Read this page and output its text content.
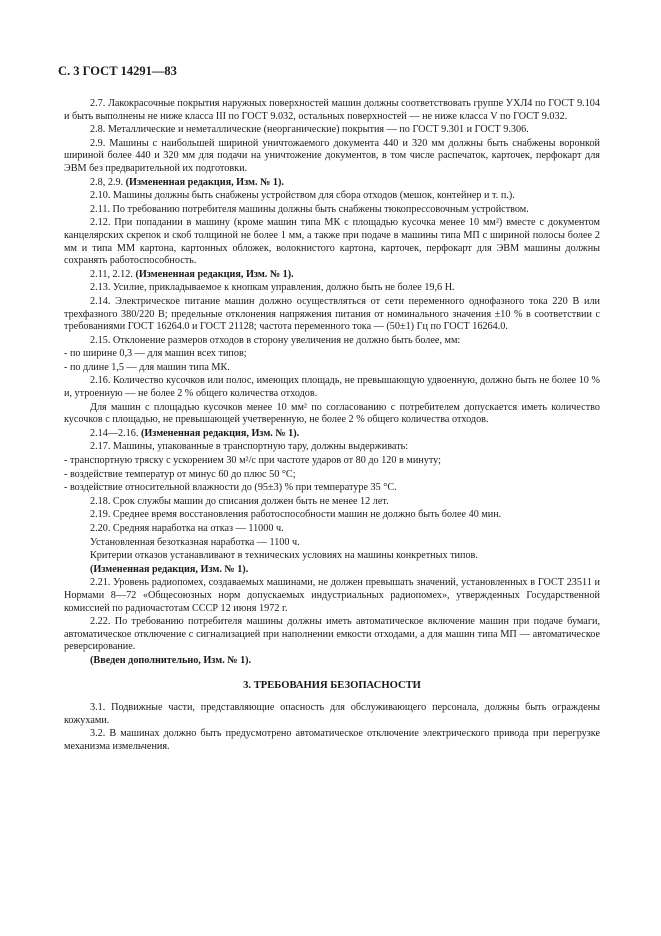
С. 3 ГОСТ 14291—83

2.7. Лакокрасочные покрытия наружных поверхностей машин должны соответствовать группе УХЛ4 по ГОСТ 9.104 и быть выполнены не ниже класса III по ГОСТ 9.032, остальных поверхностей — не ниже класса V по ГОСТ 9.032.

2.8. Металлические и неметаллические (неорганические) покрытия — по ГОСТ 9.301 и ГОСТ 9.306.

2.9. Машины с наибольшей шириной уничтожаемого документа 440 и 320 мм должны быть снабжены воронкой шириной более 440 и 320 мм для подачи на уничтожение документов, в том числе распечаток, карточек, перфокарт для ЭВМ без предварительной их подготовки.

2.8, 2.9. (Измененная редакция, Изм. № 1).

2.10. Машины должны быть снабжены устройством для сбора отходов (мешок, контейнер и т. п.).

2.11. По требованию потребителя машины должны быть снабжены тюкопрессовочным устройством.

2.12. При попадании в машину (кроме машин типа МК с площадью кусочка менее 10 мм²) вместе с документом канцелярских скрепок и скоб толщиной не более 1 мм, а также при подаче в машины типа МП с шириной полосы более 2 мм и типа ММ картона, картонных обложек, волокнистого картона, карточек, перфокарт для ЭВМ машины должны сохранять работоспособность.

2.11, 2.12. (Измененная редакция, Изм. № 1).

2.13. Усилие, прикладываемое к кнопкам управления, должно быть не более 19,6 Н.

2.14. Электрическое питание машин должно осуществляться от сети переменного однофазного тока 220 В или трехфазного 380/220 В; предельные отклонения напряжения питания от номинального значения ±10 % в соответствии с требованиями ГОСТ 16264.0 и ГОСТ 21128; частота переменного тока — (50±1) Гц по ГОСТ 16264.0.

2.15. Отклонение размеров отходов в сторону увеличения не должно быть более, мм:

- по ширине 0,3 — для машин всех типов;

- по длине 1,5 — для машин типа МК.

2.16. Количество кусочков или полос, имеющих площадь, не превышающую удвоенную, должно быть не более 10 % и, утроенную — не более 2 % общего количества отходов.

Для машин с площадью кусочков менее 10 мм² по согласованию с потребителем допускается иметь количество кусочков с площадью, не превышающей учетверенную, не более 2 % общего количества отходов.

2.14—2.16. (Измененная редакция, Изм. № 1).

2.17. Машины, упакованные в транспортную тару, должны выдерживать:

- транспортную тряску с ускорением 30 м²/с при частоте ударов от 80 до 120 в минуту;

- воздействие температур от минус 60 до плюс 50 °С;

- воздействие относительной влажности до (95±3) % при температуре 35 °С.

2.18. Срок службы машин до списания должен быть не менее 12 лет.

2.19. Среднее время восстановления работоспособности машин не должно быть более 40 мин.

2.20. Средняя наработка на отказ — 11000 ч.

Установленная безотказная наработка — 1100 ч.

Критерии отказов устанавливают в технических условиях на машины конкретных типов.

(Измененная редакция, Изм. № 1).

2.21. Уровень радиопомех, создаваемых машинами, не должен превышать значений, установленных в ГОСТ 23511 и Нормами 8—72 «Общесоюзных норм допускаемых индустриальных радиопомех», утвержденных Государственной комиссией по радиочастотам СССР 12 июня 1972 г.

2.22. По требованию потребителя машины должны иметь автоматическое включение машин при подаче бумаги, автоматическое отключение с сигнализацией при наполнении емкости отходами, а для машин типа МП — автоматическое реверсирование.

(Введен дополнительно, Изм. № 1).

3. ТРЕБОВАНИЯ БЕЗОПАСНОСТИ

3.1. Подвижные части, представляющие опасность для обслуживающего персонала, должны быть ограждены кожухами.

3.2. В машинах должно быть предусмотрено автоматическое отключение электрического привода при перегрузке механизма измельчения.
